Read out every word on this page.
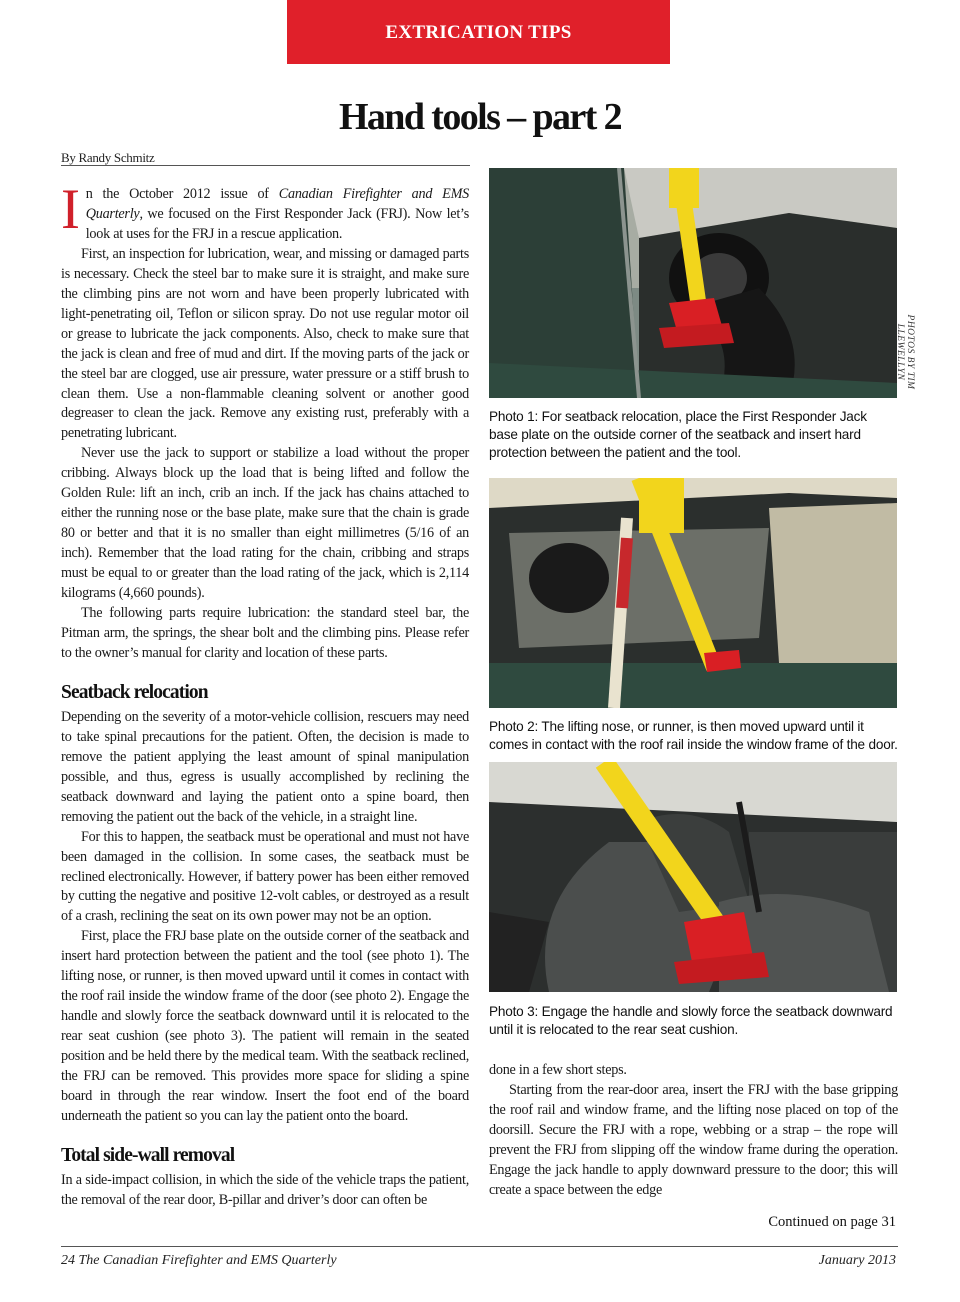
EXTRICATION TIPS
Hand tools – part 2
By Randy Schmitz

In the October 2012 issue of Canadian Firefighter and EMS Quarterly, we focused on the First Responder Jack (FRJ). Now let’s look at uses for the FRJ in a rescue application.

First, an inspection for lubrication, wear, and missing or damaged parts is necessary. Check the steel bar to make sure it is straight, and make sure the climbing pins are not worn and have been properly lubricated with light-penetrating oil, Teflon or silicon spray. Do not use regular motor oil or grease to lubricate the jack components. Also, check to make sure that the jack is clean and free of mud and dirt. If the moving parts of the jack or the steel bar are clogged, use air pressure, water pressure or a stiff brush to clean them. Use a non-flammable cleaning solvent or another good degreaser to clean the jack. Remove any existing rust, preferably with a penetrating lubricant.

Never use the jack to support or stabilize a load without the proper cribbing. Always block up the load that is being lifted and follow the Golden Rule: lift an inch, crib an inch. If the jack has chains attached to either the running nose or the base plate, make sure that the chain is grade 80 or better and that it is no smaller than eight millimetres (5/16 of an inch). Remember that the load rating for the chain, cribbing and straps must be equal to or greater than the load rating of the jack, which is 2,114 kilograms (4,660 pounds).

The following parts require lubrication: the standard steel bar, the Pitman arm, the springs, the shear bolt and the climbing pins. Please refer to the owner’s manual for clarity and location of these parts.

Seatback relocation

Depending on the severity of a motor-vehicle collision, rescuers may need to take spinal precautions for the patient. Often, the decision is made to remove the patient applying the least amount of spinal manipulation possible, and thus, egress is usually accomplished by reclining the seatback downward and laying the patient onto a spine board, then removing the patient out the back of the vehicle, in a straight line.

For this to happen, the seatback must be operational and must not have been damaged in the collision. In some cases, the seatback must be reclined electronically. However, if battery power has been either removed by cutting the negative and positive 12-volt cables, or destroyed as a result of a crash, reclining the seat on its own power may not be an option.

First, place the FRJ base plate on the outside corner of the seatback and insert hard protection between the patient and the tool (see photo 1). The lifting nose, or runner, is then moved upward until it comes in contact with the roof rail inside the window frame of the door (see photo 2). Engage the handle and slowly force the seatback downward until it is relocated to the rear seat cushion (see photo 3). The patient will remain in the seated position and be held there by the medical team. With the seatback reclined, the FRJ can be removed. This provides more space for sliding a spine board in through the rear window. Insert the foot end of the board underneath the patient so you can lay the patient onto the board.

Total side-wall removal

In a side-impact collision, in which the side of the vehicle traps the patient, the removal of the rear door, B-pillar and driver’s door can often be

PHOTOS BY TIM LLEWELLYN
Photo 1: For seatback relocation, place the First Responder Jack base plate on the outside corner of the seatback and insert hard protection between the patient and the tool.
Photo 2: The lifting nose, or runner, is then moved upward until it comes in contact with the roof rail inside the window frame of the door.
Photo 3: Engage the handle and slowly force the seatback downward until it is relocated to the rear seat cushion.

done in a few short steps.

Starting from the rear-door area, insert the FRJ with the base gripping the roof rail and window frame, and the lifting nose placed on top of the doorsill. Secure the FRJ with a rope, webbing or a strap – the rope will prevent the FRJ from slipping off the window frame during the operation. Engage the jack handle to apply downward pressure to the door; this will create a space between the edge

Continued on page 31
24 The Canadian Firefighter and EMS Quarterly	January 2013
